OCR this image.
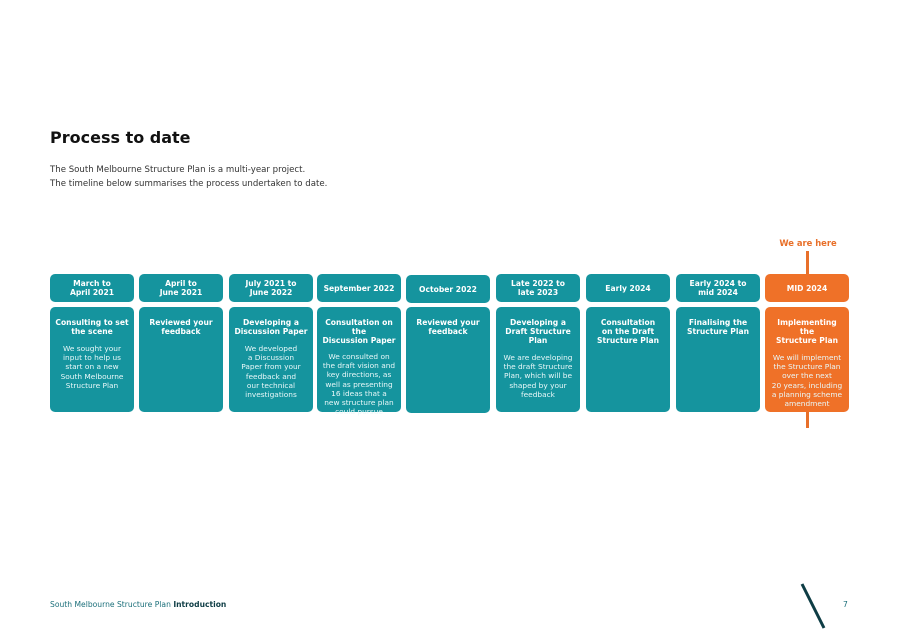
Process to date
The South Melbourne Structure Plan is a multi-year project.
The timeline below summarises the process undertaken to date.
We are here
March to
April 2021
Consulting to set
the scene
We sought your
input to help us
start on a new
South Melbourne
Structure Plan
April to
June 2021
Reviewed your
feedback
July 2021 to
June 2022
Developing a
Discussion Paper
We developed
a Discussion
Paper from your
feedback and
our technical
investigations
September 2022
Consultation on the
Discussion Paper
We consulted on
the draft vision and
key directions, as
well as presenting
16 ideas that a
new structure plan
could pursue
October 2022
Reviewed your
feedback
Late 2022 to
late 2023
Developing a
Draft Structure
Plan
We are developing
the draft Structure
Plan, which will be
shaped by your
feedback
Early 2024
Consultation
on the Draft
Structure Plan
Early 2024 to
mid 2024
Finalising the
Structure Plan
MID 2024
Implementing the
Structure Plan
We will implement
the Structure Plan
over the next
20 years, including
a planning scheme
amendment
South Melbourne Structure Plan Introduction	7
